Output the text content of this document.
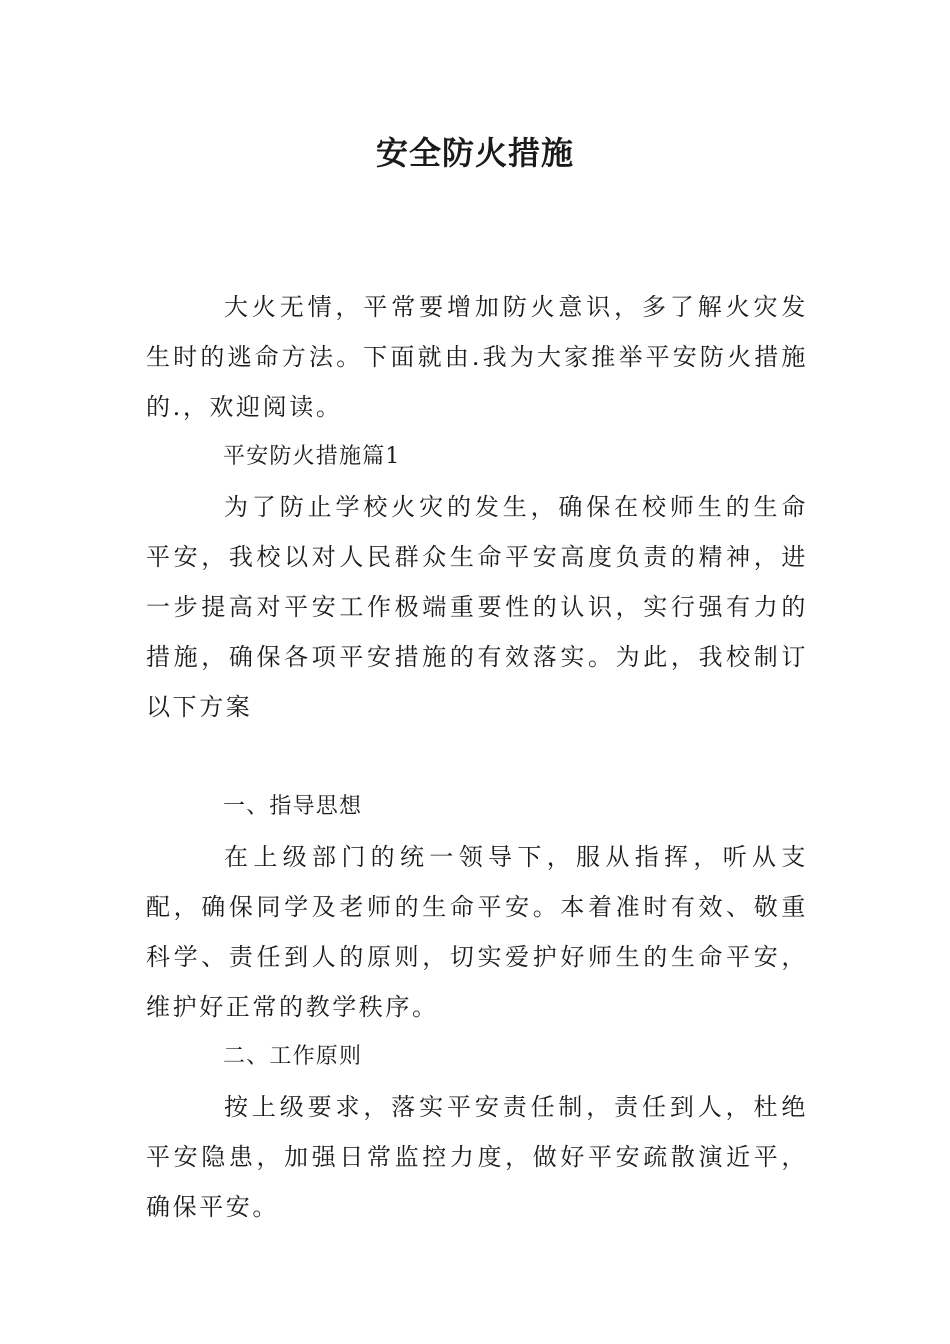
安全防火措施

大火无情，平常要增加防火意识，多了解火灾发生时的逃命方法。下面就由.我为大家推举平安防火措施的.，欢迎阅读。

平安防火措施篇1

为了防止学校火灾的发生，确保在校师生的生命平安，我校以对人民群众生命平安高度负责的精神，进一步提高对平安工作极端重要性的认识，实行强有力的措施，确保各项平安措施的有效落实。为此，我校制订以下方案

一、指导思想

在上级部门的统一领导下，服从指挥，听从支配，确保同学及老师的生命平安。本着准时有效、敬重科学、责任到人的原则，切实爱护好师生的生命平安，维护好正常的教学秩序。

二、工作原则

按上级要求，落实平安责任制，责任到人，杜绝平安隐患，加强日常监控力度，做好平安疏散演近平，确保平安。
